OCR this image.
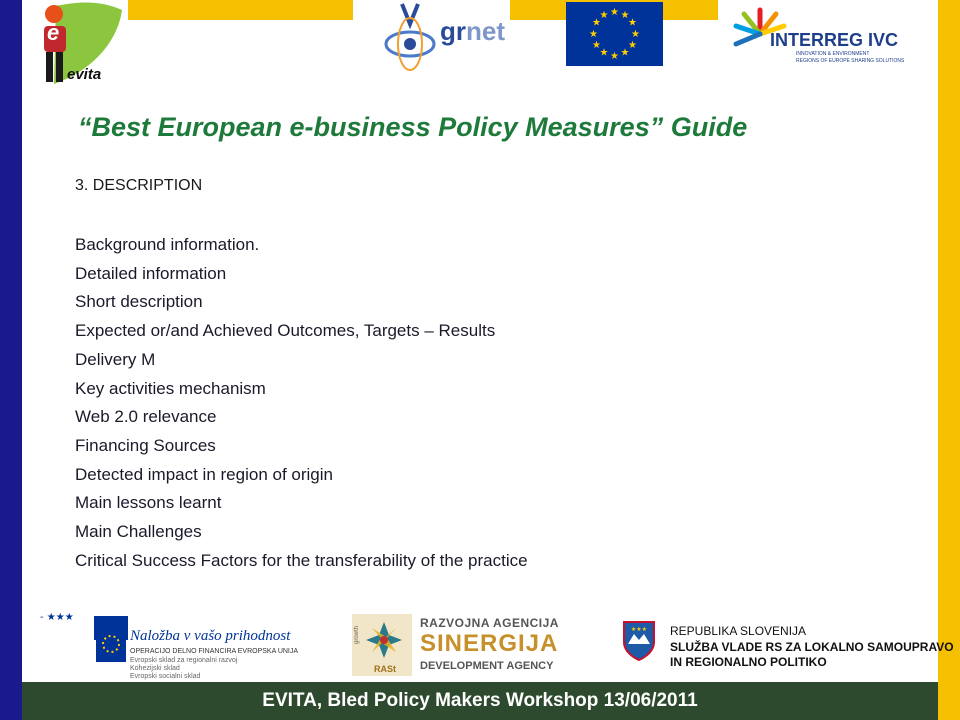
e
evita
grnet
★ ★
★
★
★
★
★
★
★
★
★
★
INTERREG IVC
INNOVATION & ENVIRONMENT
REGIONS OF EUROPE SHARING SOLUTIONS
“Best European e-business Policy Measures” Guide
3. DESCRIPTION
Background information.
Detailed information
Short description
Expected or/and Achieved Outcomes, Targets – Results
Delivery M
Key activities mechanism
Web 2.0 relevance
Financing Sources
Detected impact in region of origin
Main lessons learnt
Main Challenges
Critical Success Factors for the transferability of the practice
- ★★★
Naložba v vašo prihodnost
OPERACIJO DELNO FINANCIRA EVROPSKA UNIJA
Evropski sklad za regionalni razvoj
Kohezijski sklad
Evropski socialni sklad
growth
RASt
RAZVOJNA AGENCIJA
SINERGIJA
DEVELOPMENT AGENCY
★★★ REPUBLIKA SLOVENIJA
SLUŽBA VLADE RS ZA LOKALNO SAMOUPRAVO
IN REGIONALNO POLITIKO
EVITA, Bled Policy Makers Workshop 13/06/2011
